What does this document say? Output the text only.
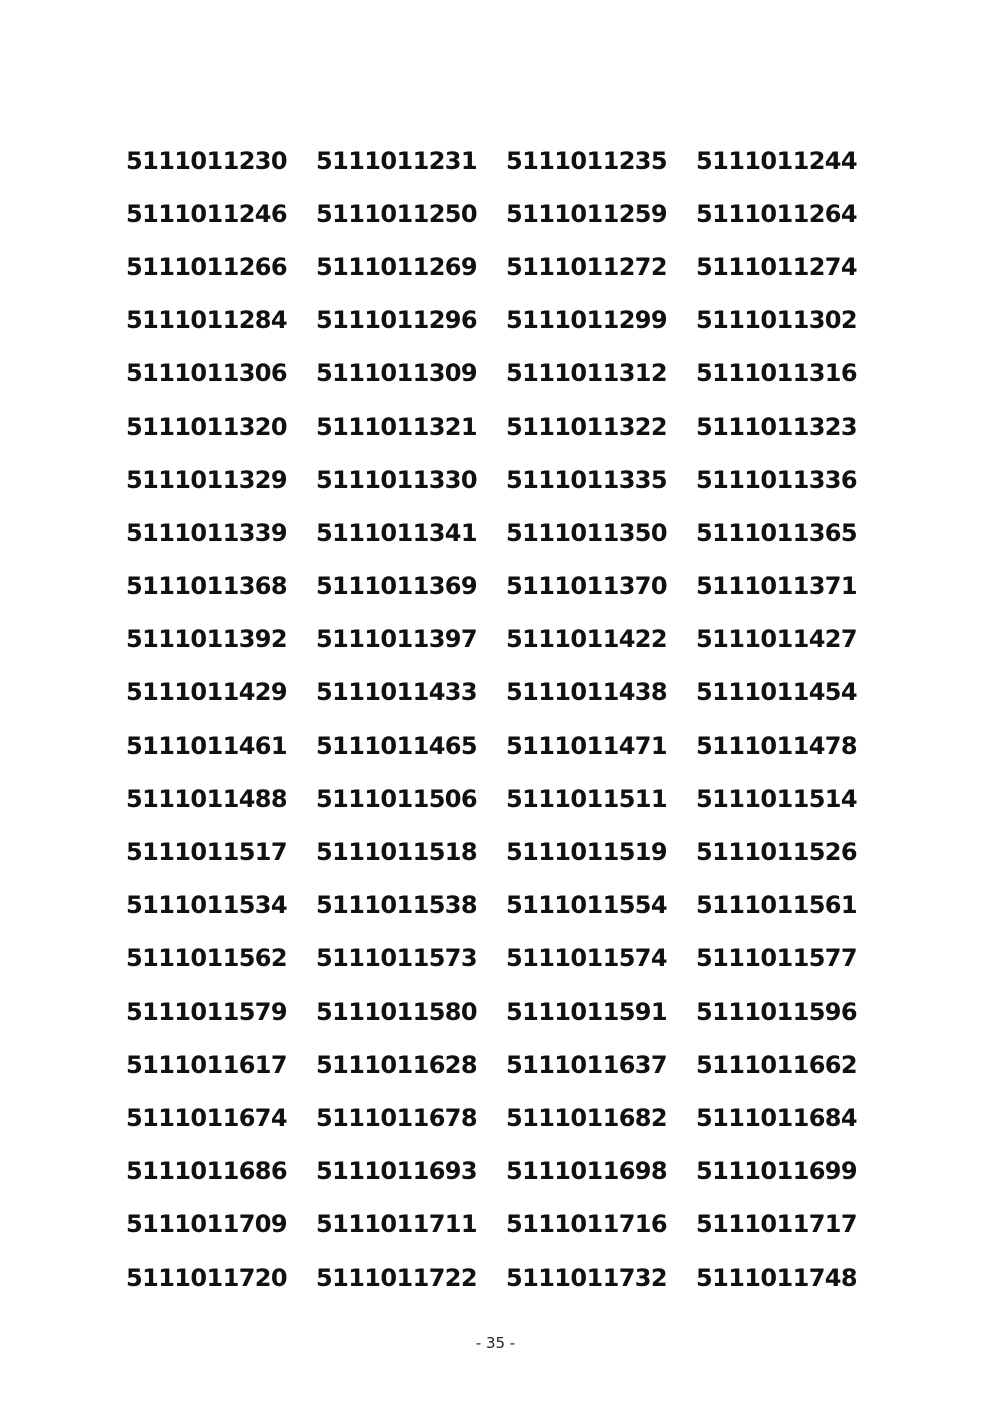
5111011230	5111011231	5111011235	5111011244
5111011246	5111011250	5111011259	5111011264
5111011266	5111011269	5111011272	5111011274
5111011284	5111011296	5111011299	5111011302
5111011306	5111011309	5111011312	5111011316
5111011320	5111011321	5111011322	5111011323
5111011329	5111011330	5111011335	5111011336
5111011339	5111011341	5111011350	5111011365
5111011368	5111011369	5111011370	5111011371
5111011392	5111011397	5111011422	5111011427
5111011429	5111011433	5111011438	5111011454
5111011461	5111011465	5111011471	5111011478
5111011488	5111011506	5111011511	5111011514
5111011517	5111011518	5111011519	5111011526
5111011534	5111011538	5111011554	5111011561
5111011562	5111011573	5111011574	5111011577
5111011579	5111011580	5111011591	5111011596
5111011617	5111011628	5111011637	5111011662
5111011674	5111011678	5111011682	5111011684
5111011686	5111011693	5111011698	5111011699
5111011709	5111011711	5111011716	5111011717
5111011720	5111011722	5111011732	5111011748
- 35 -
